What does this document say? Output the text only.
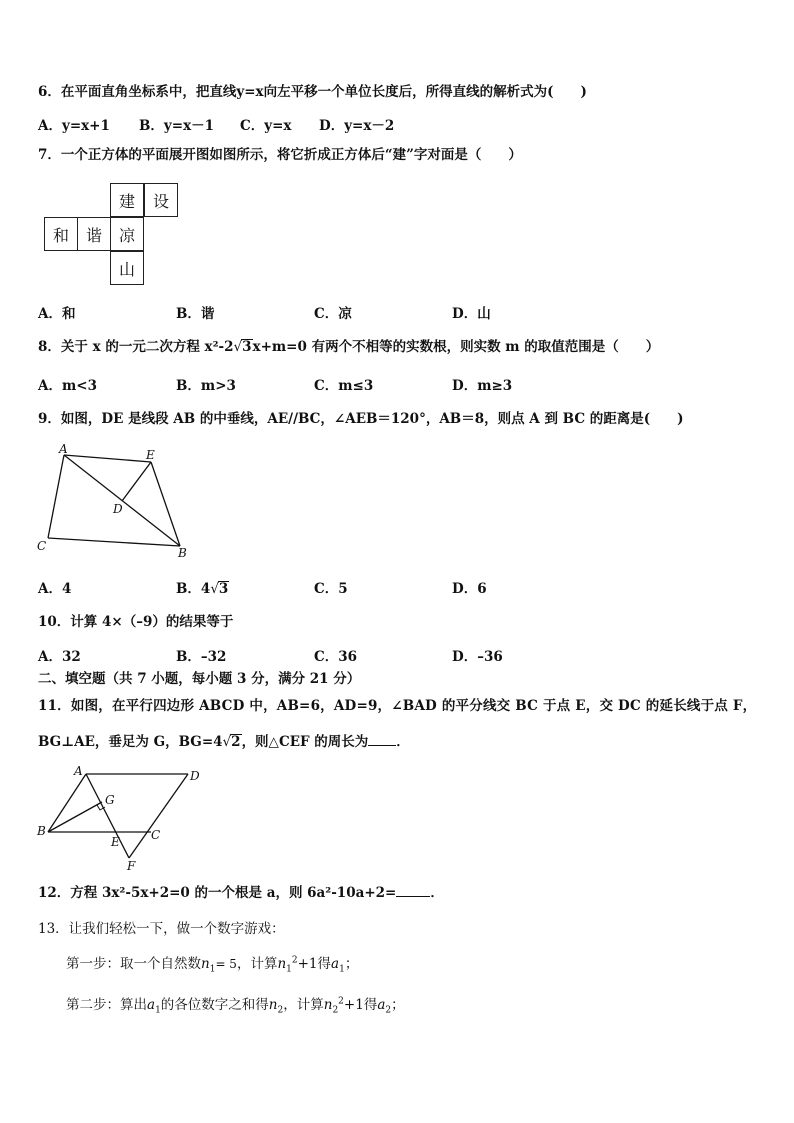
6．在平面直角坐标系中，把直线y=x向左平移一个单位长度后，所得直线的解析式为(　　)
A．y=x+1 B．y=x－1 C．y=x D．y=x－2
7．一个正方体的平面展开图如图所示，将它折成正方体后“建”字对面是（　　）
建	设
和	谐	凉
山
A．和	B．谐	C．凉	D．山
8．关于 x 的一元二次方程 x²-2√3x+m=0 有两个不相等的实数根，则实数 m 的取值范围是（　　）
A．m<3	B．m>3	C．m≤3	D．m≥3
9．如图，DE 是线段 AB 的中垂线，AE//BC，∠AEB＝120°，AB＝8，则点 A 到 BC 的距离是(　　)
A	E
D
C	B
A．4	B．4√3	C．5	D．6
10．计算 4×（–9）的结果等于
A．32	B．–32	C．36	D．–36
二、填空题（共 7 小题，每小题 3 分，满分 21 分）
11．如图，在平行四边形 ABCD 中，AB=6，AD=9，∠BAD 的平分线交 BC 于点 E，交 DC 的延长线于点 F，
BG⊥AE，垂足为 G，BG=4√2，则△CEF 的周长为 ．
A	D
G
B
E	C
F
12．方程 3x²-5x+2=0 的一个根是 a，则 6a²-10a+2=	．
13．让我们轻松一下，做一个数字游戏：
第一步：取一个自然数$n_1= 5$，计算$n_1^2+1$得$a_1$；
第二步：算出$a_1$的各位数字之和得$n_2$，计算$n_2^2+1$得$a_2$；
